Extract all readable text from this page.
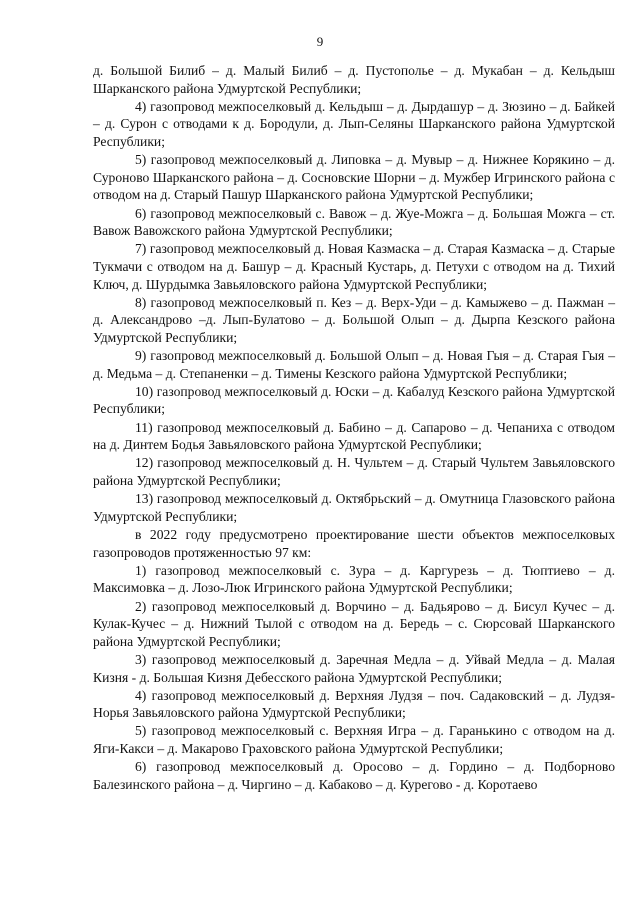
9

д. Большой Билиб – д. Малый Билиб – д. Пустополье – д. Мукабан – д. Кельдыш Шарканского района Удмуртской Республики;

4) газопровод межпоселковый д. Кельдыш – д. Дырдашур – д. Зюзино – д. Байкей – д. Сурон с отводами к д. Бородули, д. Лып-Селяны Шарканского района Удмуртской Республики;

5) газопровод межпоселковый д. Липовка – д. Мувыр – д. Нижнее Корякино – д. Суроново Шарканского района – д. Сосновские Шорни – д. Мужбер Игринского района с отводом на д. Старый Пашур Шарканского района Удмуртской Республики;

6) газопровод межпоселковый с. Вавож – д. Жуе-Можга – д. Большая Можга – ст. Вавож Вавожского района Удмуртской Республики;

7) газопровод межпоселковый д. Новая Казмаска – д. Старая Казмаска – д. Старые Тукмачи с отводом на д. Башур – д. Красный Кустарь, д. Петухи с отводом на д. Тихий Ключ, д. Шурдымка Завьяловского района Удмуртской Республики;

8) газопровод межпоселковый п. Кез – д. Верх-Уди – д. Камыжево – д. Пажман – д. Александрово –д. Лып-Булатово – д. Большой Олып – д. Дырпа Кезского района Удмуртской Республики;

9) газопровод межпоселковый д. Большой Олып – д. Новая Гыя – д. Старая Гыя – д. Медьма – д. Степаненки – д. Тимены Кезского района Удмуртской Республики;

10) газопровод межпоселковый д. Юски – д. Кабалуд Кезского района Удмуртской Республики;

11) газопровод межпоселковый д. Бабино – д. Сапарово – д. Чепаниха с отводом на д. Динтем Бодья Завьяловского района Удмуртской Республики;

12) газопровод межпоселковый д. Н. Чультем – д. Старый Чультем Завьяловского района Удмуртской Республики;

13) газопровод межпоселковый д. Октябрьский – д. Омутница Глазовского района Удмуртской Республики;

в 2022 году предусмотрено проектирование шести объектов межпоселковых газопроводов протяженностью 97 км:

1) газопровод межпоселковый с. Зура – д. Каргурезь – д. Тюптиево – д. Максимовка – д. Лозо-Люк Игринского района Удмуртской Республики;

2) газопровод межпоселковый д. Ворчино – д. Бадьярово – д. Бисул Кучес – д. Кулак-Кучес – д. Нижний Тылой с отводом на д. Бередь – с. Сюрсовай Шарканского района Удмуртской Республики;

3) газопровод межпоселковый д. Заречная Медла – д. Уйвай Медла – д. Малая Кизня - д. Большая Кизня Дебесского района Удмуртской Республики;

4) газопровод межпоселковый д. Верхняя Лудзя – поч. Садаковский – д. Лудзя-Норья Завьяловского района Удмуртской Республики;

5) газопровод межпоселковый с. Верхняя Игра – д. Гаранькино с отводом на д. Яги-Какси – д. Макарово Граховского района Удмуртской Республики;

6) газопровод межпоселковый д. Оросово – д. Гордино – д. Подборново Балезинского района – д. Чиргино – д. Кабаково – д. Курегово - д. Коротаево
